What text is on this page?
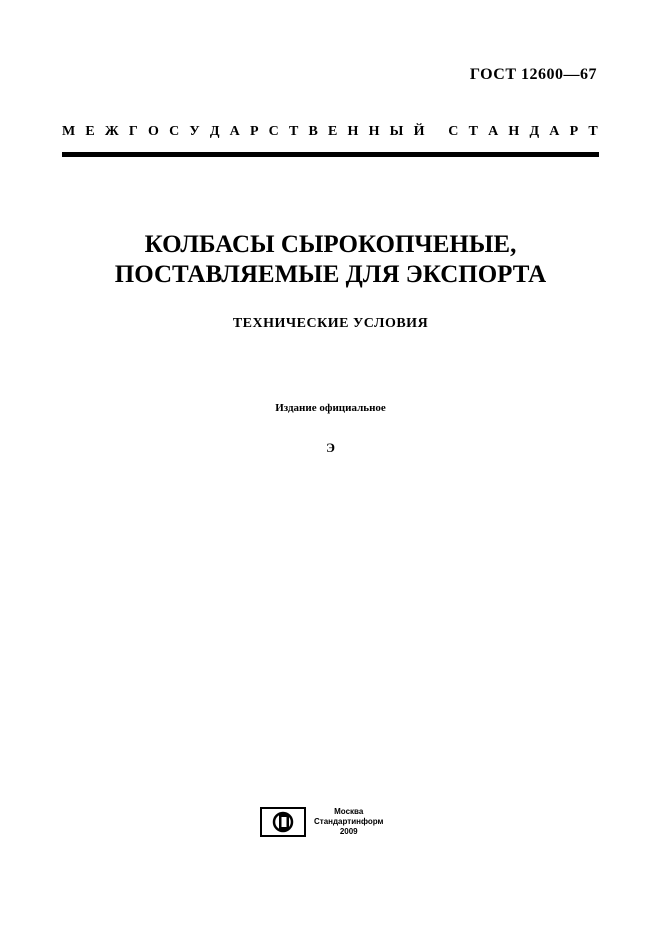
ГОСТ 12600—67
М Е Ж Г О С У Д А Р С Т В Е Н Н Ы Й
С Т А Н Д А Р Т
КОЛБАСЫ СЫРОКОПЧЕНЫЕ,
ПОСТАВЛЯЕМЫЕ ДЛЯ ЭКСПОРТА
ТЕХНИЧЕСКИЕ УСЛОВИЯ
Издание официальное
Э
Москва
Стандартинформ
2009
